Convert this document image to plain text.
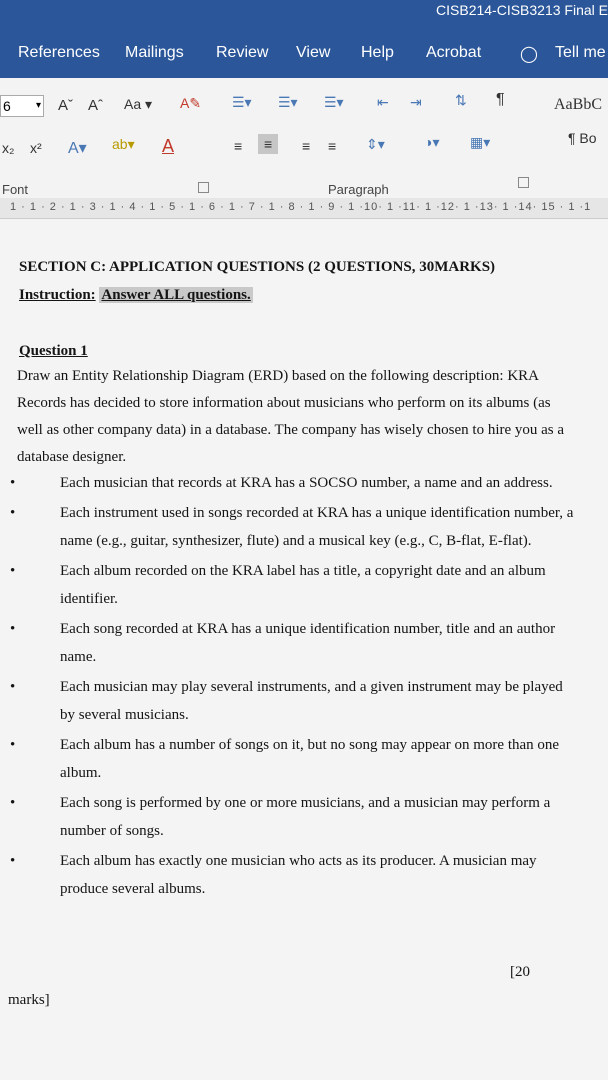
CISB214-CISB3213 Final E
References Mailings Review View Help Acrobat ◯ Tell me
6	▾ Aˇ Aˆ Aa ▾ A✎ ☰▾ ☰▾ ☰▾ ⇤ ⇥ ⇅ ¶	AaBbC
x₂ x² A▾ ab▾ A	≡	≡	≡ ≡ ⇕▾	◑▾ ▦▾	¶ Bo
Font	Paragraph
1 · 1 · 2 · 1 · 3 · 1 · 4 · 1 · 5 · 1 · 6 · 1 · 7 · 1 · 8 · 1 · 9 · 1 ·10· 1 ·11· 1 ·12· 1 ·13· 1 ·14· 15 · 1 ·1
SECTION C: APPLICATION QUESTIONS (2 QUESTIONS, 30MARKS)
Instruction: Answer ALL questions.
Question 1
Draw an Entity Relationship Diagram (ERD) based on the following description: KRA Records has decided to store information about musicians who perform on its albums (as well as other company data) in a database. The company has wisely chosen to hire you as a database designer.
•	Each musician that records at KRA has a SOCSO number, a name and an address.
•	Each instrument used in songs recorded at KRA has a unique identification number, a name (e.g., guitar, synthesizer, flute) and a musical key (e.g., C, B-flat, E-flat).
•	Each album recorded on the KRA label has a title, a copyright date and an album identifier.
•	Each song recorded at KRA has a unique identification number, title and an author name.
•	Each musician may play several instruments, and a given instrument may be played by several musicians.
•	Each album has a number of songs on it, but no song may appear on more than one album.
•	Each song is performed by one or more musicians, and a musician may perform a number of songs.
•	Each album has exactly one musician who acts as its producer. A musician may produce several albums.
[20
marks]
